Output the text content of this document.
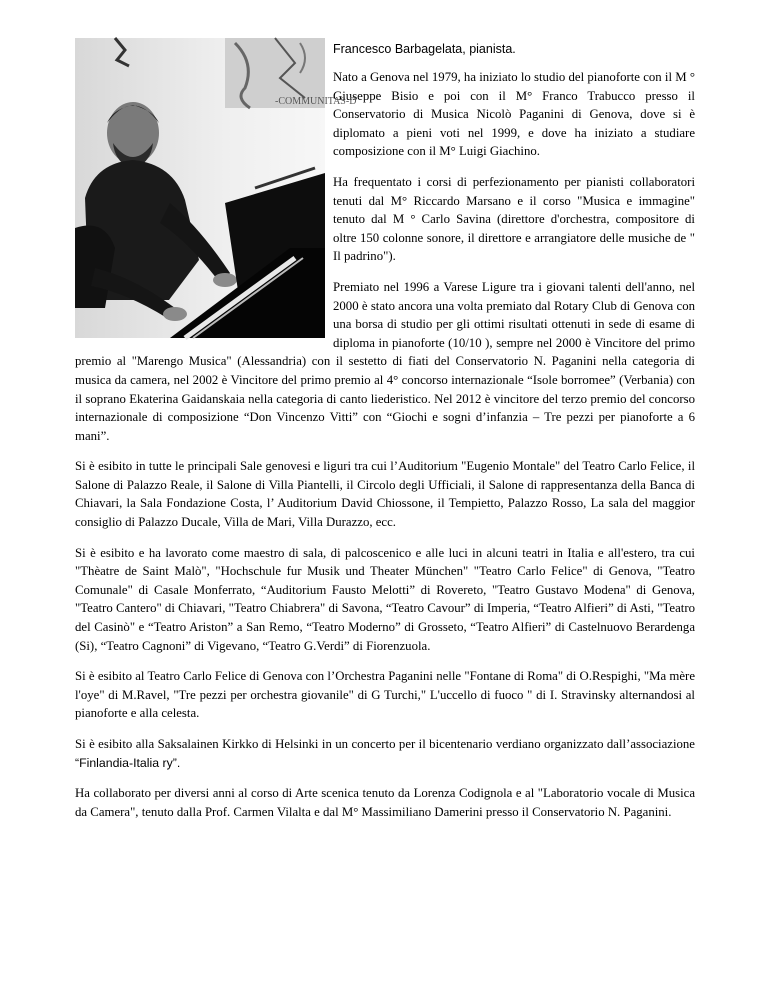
-COMMUNITAS-D
Francesco Barbagelata, pianista.

Nato a Genova nel 1979, ha iniziato lo studio del pianoforte con il M ° Giuseppe Bisio e poi con il M° Franco Trabucco presso il Conservatorio di Musica Nicolò Paganini di Genova, dove si è diplomato a pieni voti nel 1999, e dove ha iniziato a studiare composizione con il M° Luigi Giachino.

Ha frequentato i corsi di perfezionamento per pianisti collaboratori tenuti dal M° Riccardo Marsano e il corso "Musica e immagine" tenuto dal M ° Carlo Savina (direttore d'orchestra, compositore di oltre 150 colonne sonore, il direttore e arrangiatore delle musiche de " Il padrino").

Premiato nel 1996 a Varese Ligure tra i giovani talenti dell'anno, nel 2000 è stato ancora una volta premiato dal Rotary Club di Genova con una borsa di studio per gli ottimi risultati ottenuti in sede di esame di diploma in pianoforte (10/10 ), sempre nel 2000 è Vincitore del primo premio al "Marengo Musica" (Alessandria) con il sestetto di fiati del Conservatorio N. Paganini nella categoria di musica da camera, nel 2002 è Vincitore del primo premio al 4° concorso internazionale “Isole borromee” (Verbania) con il soprano Ekaterina Gaidanskaia nella categoria di canto liederistico. Nel 2012 è vincitore del terzo premio del concorso internazionale di composizione “Don Vincenzo Vitti” con “Giochi e sogni d’infanzia – Tre pezzi per pianoforte a 6 mani”.

Si è esibito in tutte le principali Sale genovesi e liguri tra cui l’Auditorium "Eugenio Montale" del Teatro Carlo Felice, il Salone di Palazzo Reale, il Salone di Villa Piantelli, il Circolo degli Ufficiali, il Salone di rappresentanza della Banca di Chiavari, la Sala Fondazione Costa, l’ Auditorium David Chiossone, il Tempietto, Palazzo Rosso, La sala del maggior consiglio di Palazzo Ducale, Villa de Mari, Villa Durazzo, ecc.

Si è esibito e ha lavorato come maestro di sala, di palcoscenico e alle luci in alcuni teatri in Italia e all'estero, tra cui "Thèatre de Saint Malò", "Hochschule fur Musik und Theater München" "Teatro Carlo Felice" di Genova, "Teatro Comunale" di Casale Monferrato, “Auditorium Fausto Melotti” di Rovereto, "Teatro Gustavo Modena" di Genova, "Teatro Cantero" di Chiavari, "Teatro Chiabrera" di Savona, “Teatro Cavour” di Imperia, “Teatro Alfieri” di Asti, "Teatro del Casinò" e “Teatro Ariston” a San Remo, “Teatro Moderno” di Grosseto, “Teatro Alfieri” di Castelnuovo Berardenga (Si), “Teatro Cagnoni” di Vigevano, “Teatro G.Verdi” di Fiorenzuola.

Si è esibito al Teatro Carlo Felice di Genova con l’Orchestra Paganini nelle "Fontane di Roma" di O.Respighi, "Ma mère l'oye" di M.Ravel, "Tre pezzi per orchestra giovanile" di G Turchi," L'uccello di fuoco " di I. Stravinsky alternandosi al pianoforte e alla celesta.

Si è esibito alla Saksalainen Kirkko di Helsinki in un concerto per il bicentenario verdiano organizzato dall’associazione “Finlandia-Italia ry”.

Ha collaborato per diversi anni al corso di Arte scenica tenuto da Lorenza Codignola e al "Laboratorio vocale di Musica da Camera", tenuto dalla Prof. Carmen Vilalta e dal M° Massimiliano Damerini presso il Conservatorio N. Paganini.
